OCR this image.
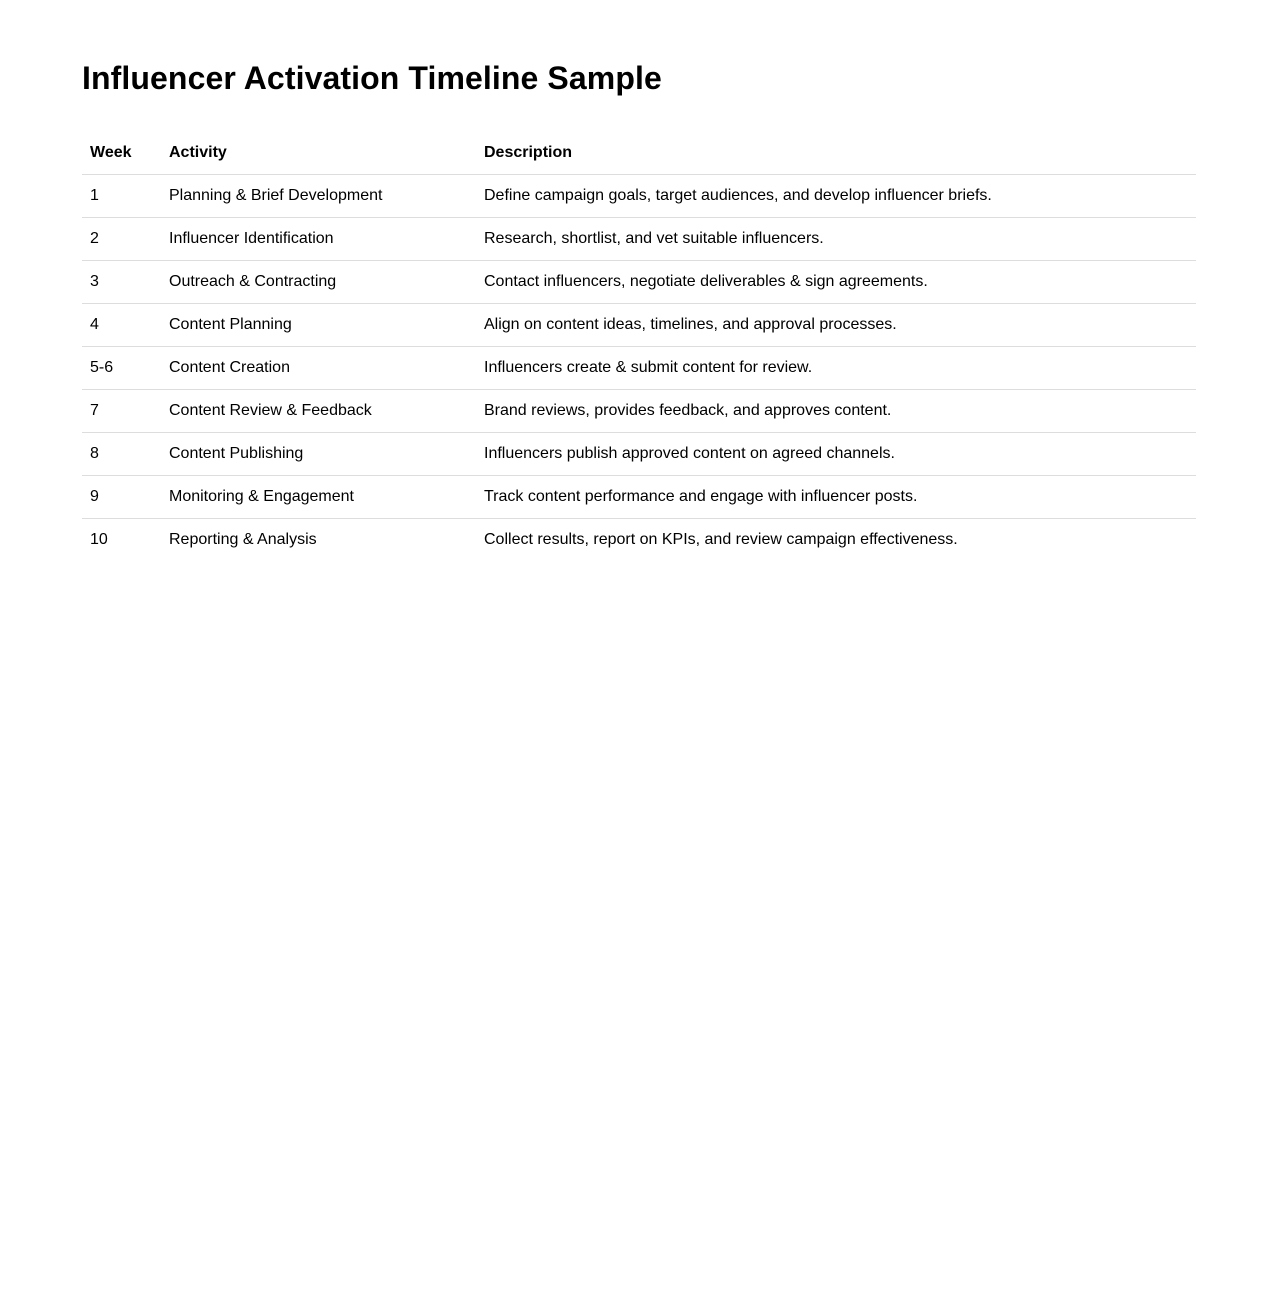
Influencer Activation Timeline Sample
Week	Activity	Description
1	Planning & Brief Development	Define campaign goals, target audiences, and develop influencer briefs.
2	Influencer Identification	Research, shortlist, and vet suitable influencers.
3	Outreach & Contracting	Contact influencers, negotiate deliverables & sign agreements.
4	Content Planning	Align on content ideas, timelines, and approval processes.
5-6	Content Creation	Influencers create & submit content for review.
7	Content Review & Feedback	Brand reviews, provides feedback, and approves content.
8	Content Publishing	Influencers publish approved content on agreed channels.
9	Monitoring & Engagement	Track content performance and engage with influencer posts.
10	Reporting & Analysis	Collect results, report on KPIs, and review campaign effectiveness.
